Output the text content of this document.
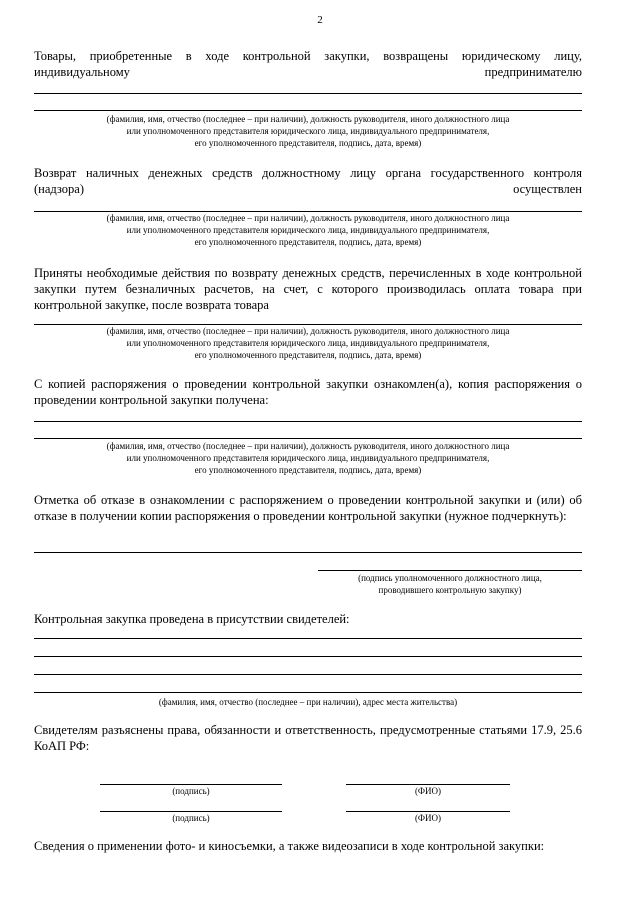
2
Товары, приобретенные в ходе контрольной закупки, возвращены юридическому лицу, индивидуальному предпринимателю
(фамилия, имя, отчество (последнее – при наличии), должность руководителя, иного должностного лица
или уполномоченного представителя юридического лица, индивидуального предпринимателя,
его уполномоченного представителя, подпись, дата, время)
Возврат наличных денежных средств должностному лицу органа государственного контроля (надзора) осуществлен
(фамилия, имя, отчество (последнее – при наличии), должность руководителя, иного должностного лица
или уполномоченного представителя юридического лица, индивидуального предпринимателя,
его уполномоченного представителя, подпись, дата, время)
Приняты необходимые действия по возврату денежных средств, перечисленных в ходе контрольной закупки путем безналичных расчетов, на счет, с которого производилась оплата товара при контрольной закупке, после возврата товара
(фамилия, имя, отчество (последнее – при наличии), должность руководителя, иного должностного лица
или уполномоченного представителя юридического лица, индивидуального предпринимателя,
его уполномоченного представителя, подпись, дата, время)
С копией распоряжения о проведении контрольной закупки ознакомлен(а), копия распоряжения о проведении контрольной закупки получена:
(фамилия, имя, отчество (последнее – при наличии), должность руководителя, иного должностного лица
или уполномоченного представителя юридического лица, индивидуального предпринимателя,
его уполномоченного представителя, подпись, дата, время)
Отметка об отказе в ознакомлении с распоряжением о проведении контрольной закупки и (или) об отказе в получении копии распоряжения о проведении контрольной закупки (нужное подчеркнуть):
(подпись уполномоченного должностного лица,
проводившего контрольную закупку)
Контрольная закупка проведена в присутствии свидетелей:
(фамилия, имя, отчество (последнее – при наличии), адрес места жительства)
Свидетелям разъяснены права, обязанности и ответственность, предусмотренные статьями 17.9, 25.6 КоАП РФ:
(подпись)	(ФИО)
(подпись)	(ФИО)
Сведения о применении фото- и киносъемки, а также видеозаписи в ходе контрольной закупки:
